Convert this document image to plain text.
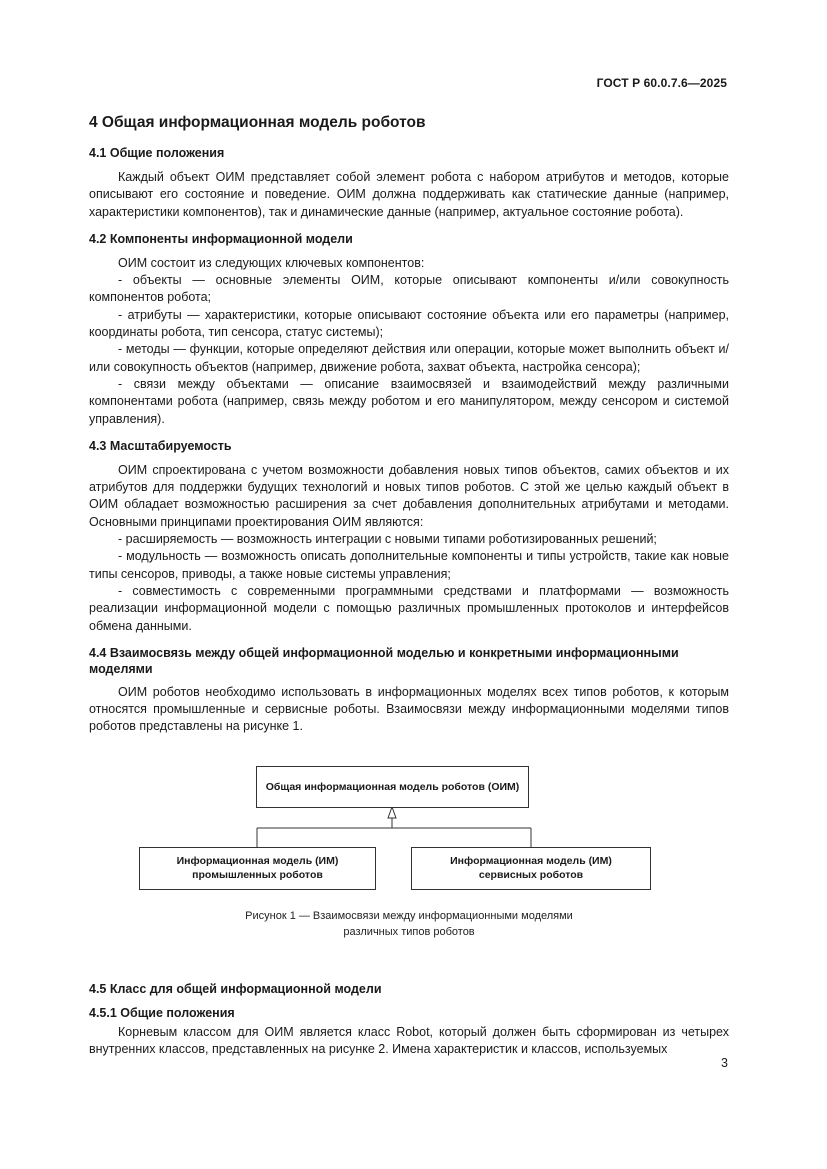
ГОСТ Р 60.0.7.6—2025
4 Общая информационная модель роботов
4.1 Общие положения

Каждый объект ОИМ представляет собой элемент робота с набором атрибутов и методов, которые описывают его состояние и поведение. ОИМ должна поддерживать как статические данные (например, характеристики компонентов), так и динамические данные (например, актуальное состояние робота).

4.2 Компоненты информационной модели

ОИМ состоит из следующих ключевых компонентов:

- объекты — основные элементы ОИМ, которые описывают компоненты и/или совокупность компонентов робота;

- атрибуты — характеристики, которые описывают состояние объекта или его параметры (например, координаты робота, тип сенсора, статус системы);

- методы — функции, которые определяют действия или операции, которые может выполнить объект и/или совокупность объектов (например, движение робота, захват объекта, настройка сенсора);

- связи между объектами — описание взаимосвязей и взаимодействий между различными компонентами робота (например, связь между роботом и его манипулятором, между сенсором и системой управления).

4.3 Масштабируемость

ОИМ спроектирована с учетом возможности добавления новых типов объектов, самих объектов и их атрибутов для поддержки будущих технологий и новых типов роботов. С этой же целью каждый объект в ОИМ обладает возможностью расширения за счет добавления дополнительных атрибутами и методами. Основными принципами проектирования ОИМ являются:

- расширяемость — возможность интеграции с новыми типами роботизированных решений;

- модульность — возможность описать дополнительные компоненты и типы устройств, такие как новые типы сенсоров, приводы, а также новые системы управления;

- совместимость с современными программными средствами и платформами — возможность реализации информационной модели с помощью различных промышленных протоколов и интерфейсов обмена данными.

4.4 Взаимосвязь между общей информационной моделью и конкретными информационными моделями

ОИМ роботов необходимо использовать в информационных моделях всех типов роботов, к которым относятся промышленные и сервисные роботы. Взаимосвязи между информационными моделями типов роботов представлены на рисунке 1.

Общая информационная модель роботов (ОИМ)
Информационная модель (ИМ)
промышленных роботов
Информационная модель (ИМ)
сервисных роботов
Рисунок 1 — Взаимосвязи между информационными моделями
различных типов роботов
4.5 Класс для общей информационной модели
4.5.1 Общие положения

Корневым классом для ОИМ является класс Robot, который должен быть сформирован из четырех внутренних классов, представленных на рисунке 2. Имена характеристик и классов, используемых

3
